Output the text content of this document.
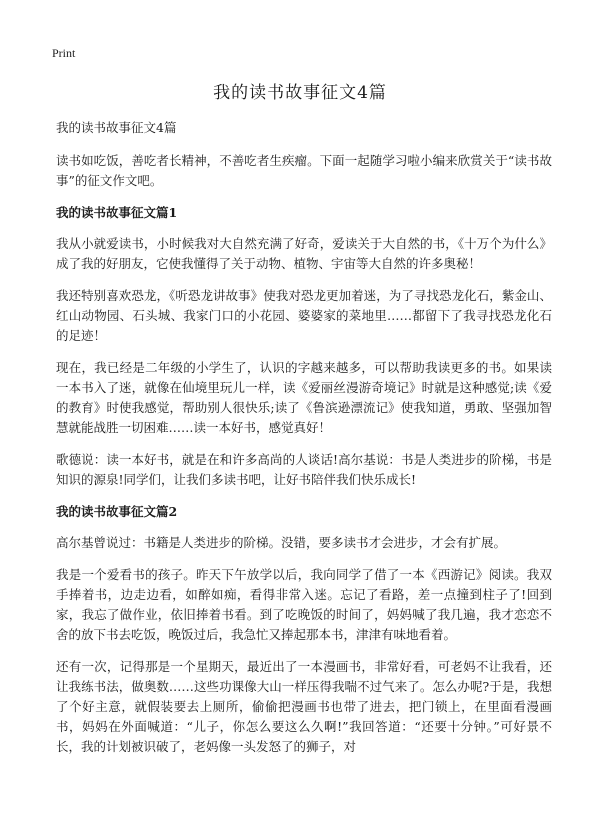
Print
我的读书故事征文4篇

我的读书故事征文4篇

读书如吃饭，善吃者长精神，不善吃者生疾瘤。下面一起随学习啦小编来欣赏关于“读书故事”的征文作文吧。

我的读书故事征文篇1

我从小就爱读书，小时候我对大自然充满了好奇，爱读关于大自然的书，《十万个为什么》成了我的好朋友，它使我懂得了关于动物、植物、宇宙等大自然的许多奥秘！

我还特别喜欢恐龙，《听恐龙讲故事》使我对恐龙更加着迷，为了寻找恐龙化石，紫金山、红山动物园、石头城、我家门口的小花园、婆婆家的菜地里……都留下了我寻找恐龙化石的足迹！

现在，我已经是二年级的小学生了，认识的字越来越多，可以帮助我读更多的书。如果读一本书入了迷，就像在仙境里玩儿一样，读《爱丽丝漫游奇境记》时就是这种感觉;读《爱的教育》时使我感觉，帮助别人很快乐;读了《鲁滨逊漂流记》使我知道，勇敢、坚强加智慧就能战胜一切困难……读一本好书，感觉真好！

歌德说：读一本好书，就是在和许多高尚的人谈话!高尔基说：书是人类进步的阶梯，书是知识的源泉!同学们，让我们多读书吧，让好书陪伴我们快乐成长!

我的读书故事征文篇2

高尔基曾说过：书籍是人类进步的阶梯。没错，要多读书才会进步，才会有扩展。

我是一个爱看书的孩子。昨天下午放学以后，我向同学了借了一本《西游记》阅读。我双手捧着书，边走边看，如醉如痴，看得非常入迷。忘记了看路，差一点撞到柱子了!回到家，我忘了做作业，依旧捧着书看。到了吃晚饭的时间了，妈妈喊了我几遍，我才恋恋不舍的放下书去吃饭，晚饭过后，我急忙又捧起那本书，津津有味地看着。

还有一次，记得那是一个星期天，最近出了一本漫画书，非常好看，可老妈不让我看，还让我练书法，做奥数……这些功课像大山一样压得我喘不过气来了。怎么办呢?于是，我想了个好主意，就假装要去上厕所，偷偷把漫画书也带了进去，把门锁上，在里面看漫画书，妈妈在外面喊道：“儿子，你怎么要这么久啊!”我回答道：“还要十分钟。”可好景不长，我的计划被识破了，老妈像一头发怒了的狮子，对
